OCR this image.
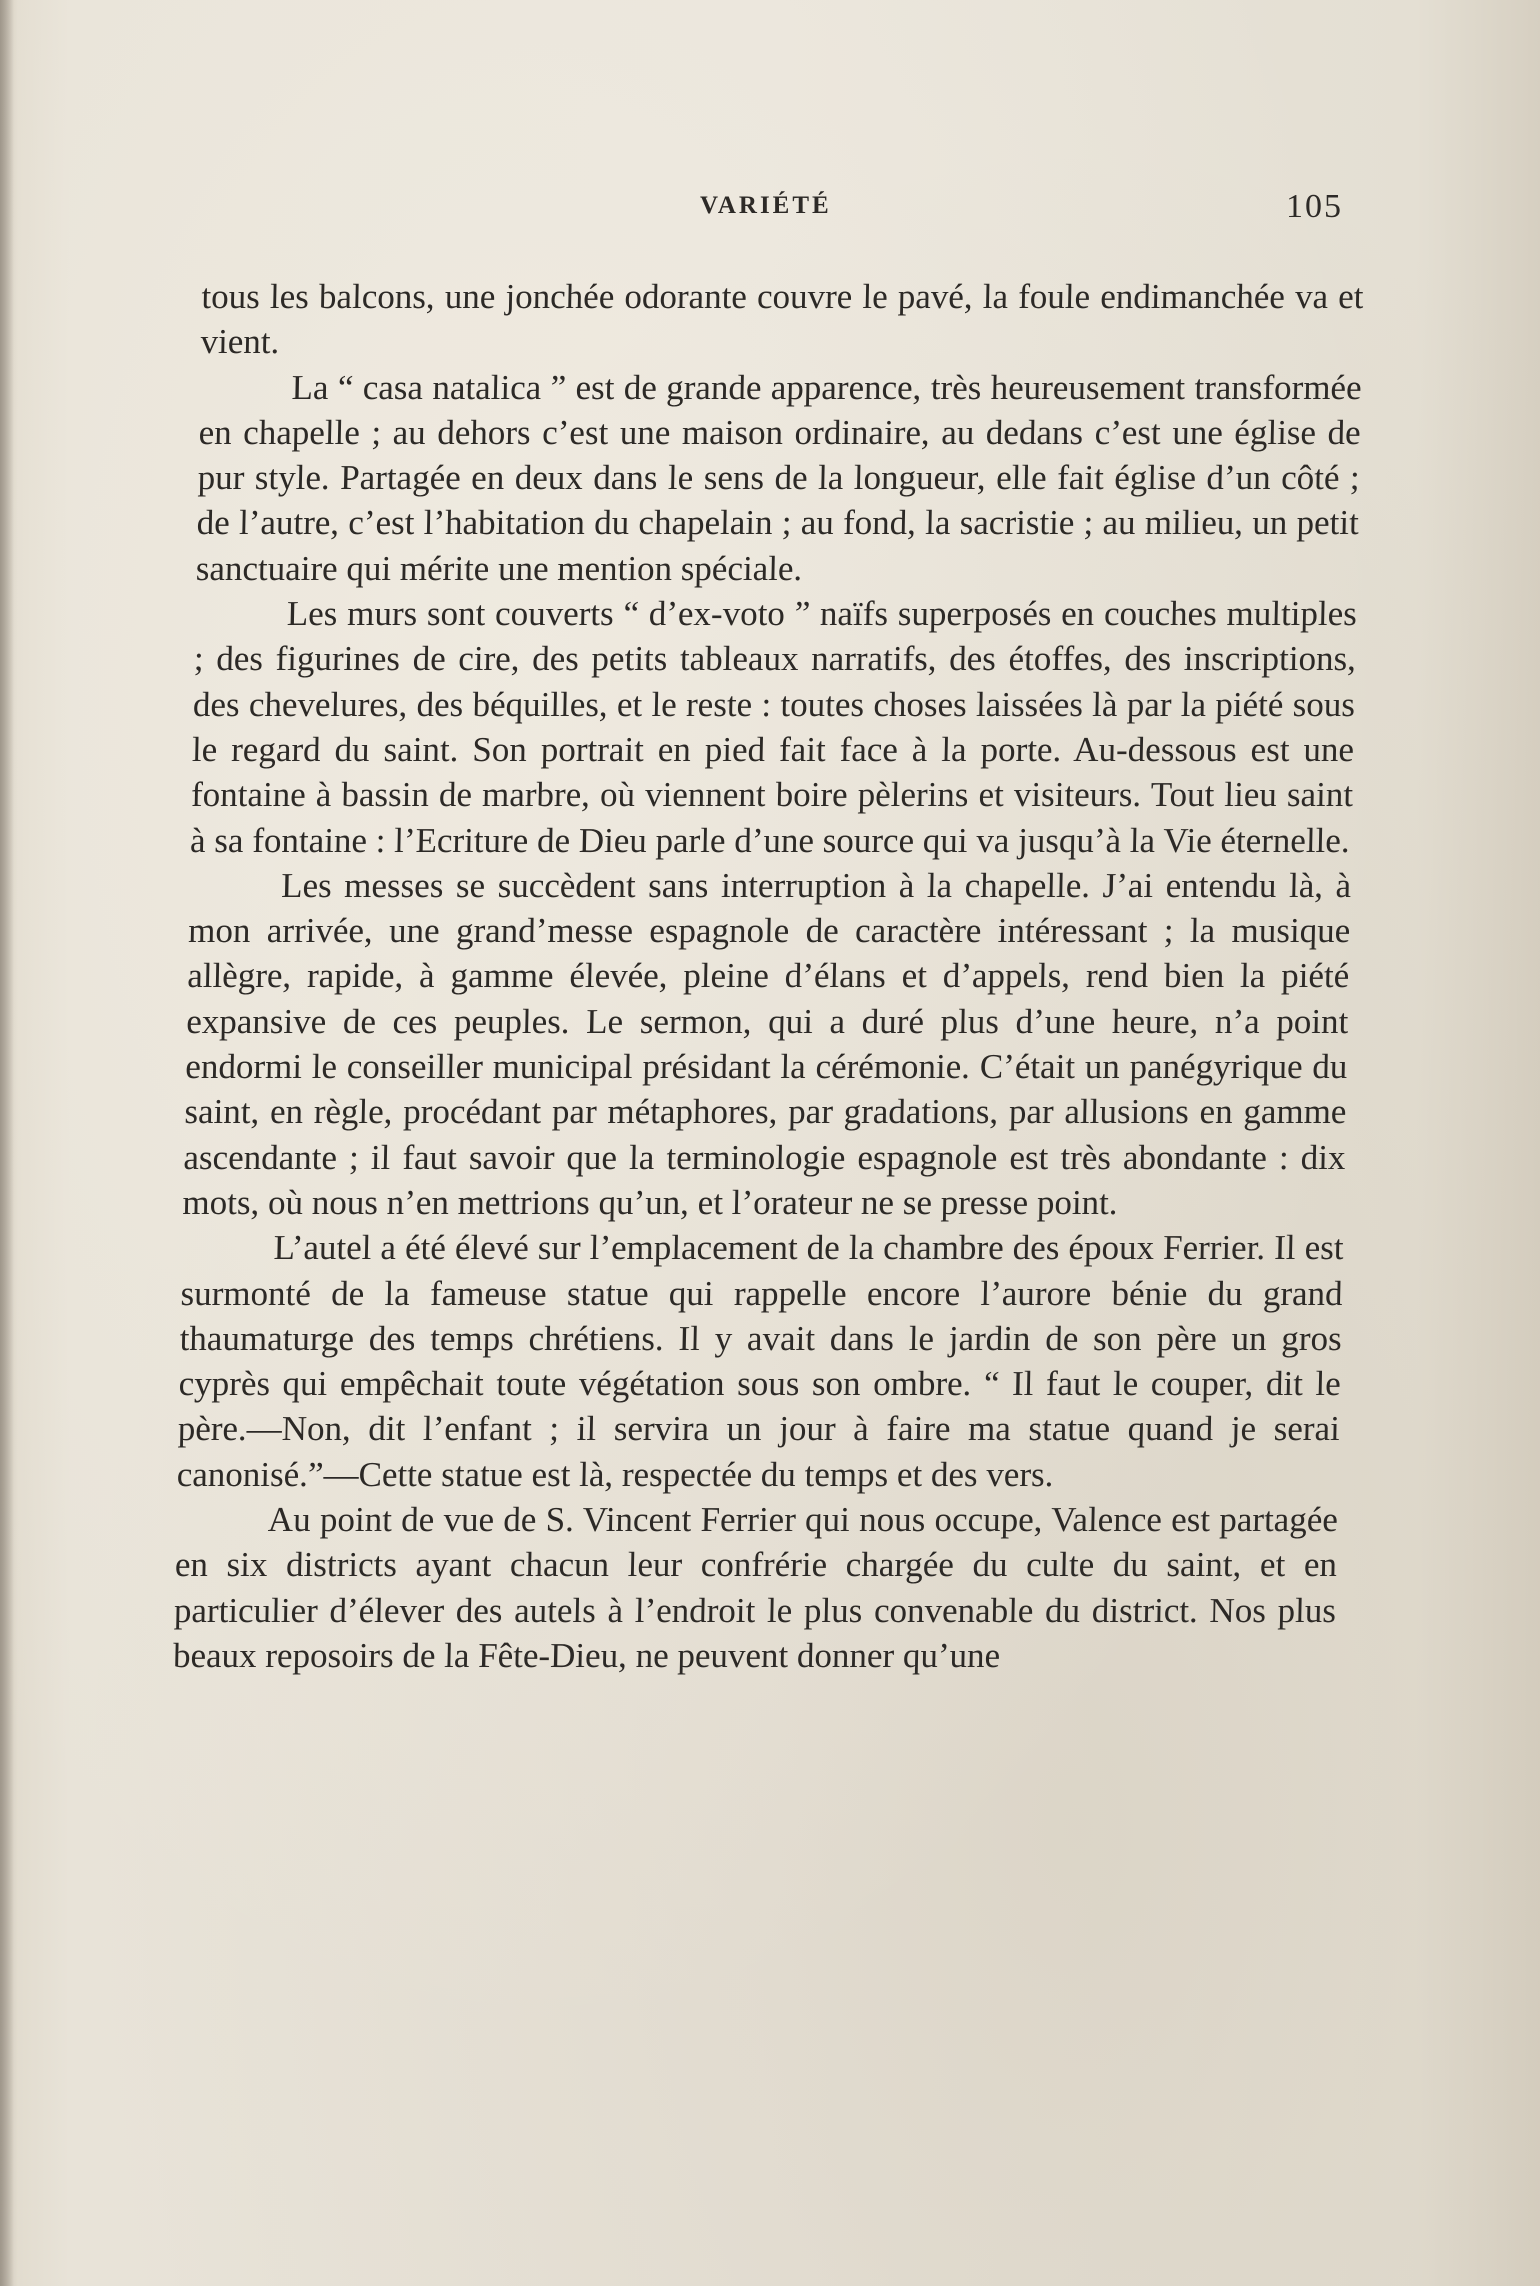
VARIÉTÉ	105

tous les balcons, une jonchée odorante couvre le pavé, la foule endimanchée va et vient.

La “ casa natalica ” est de grande apparence, très heureusement transformée en chapelle ; au dehors c’est une maison ordinaire, au dedans c’est une église de pur style. Partagée en deux dans le sens de la longueur, elle fait église d’un côté ; de l’autre, c’est l’habitation du chapelain ; au fond, la sacristie ; au milieu, un petit sanctuaire qui mérite une mention spéciale.

Les murs sont couverts “ d’ex-voto ” naïfs superposés en couches multiples ; des figurines de cire, des petits tableaux narratifs, des étoffes, des inscriptions, des chevelures, des béquilles, et le reste : toutes choses laissées là par la piété sous le regard du saint. Son portrait en pied fait face à la porte. Au-dessous est une fontaine à bassin de marbre, où viennent boire pèlerins et visiteurs. Tout lieu saint à sa fontaine : l’Ecriture de Dieu parle d’une source qui va jusqu’à la Vie éternelle.

Les messes se succèdent sans interruption à la chapelle. J’ai entendu là, à mon arrivée, une grand’messe espagnole de caractère intéressant ; la musique allègre, rapide, à gamme élevée, pleine d’élans et d’appels, rend bien la piété expansive de ces peuples. Le sermon, qui a duré plus d’une heure, n’a point endormi le conseiller municipal présidant la cérémonie. C’était un panégyrique du saint, en règle, procédant par métaphores, par gradations, par allusions en gamme ascendante ; il faut savoir que la terminologie espagnole est très abondante : dix mots, où nous n’en mettrions qu’un, et l’orateur ne se presse point.

L’autel a été élevé sur l’emplacement de la chambre des époux Ferrier. Il est surmonté de la fameuse statue qui rappelle encore l’aurore bénie du grand thaumaturge des temps chrétiens. Il y avait dans le jardin de son père un gros cyprès qui empêchait toute végétation sous son ombre. “ Il faut le couper, dit le père.—Non, dit l’enfant ; il servira un jour à faire ma statue quand je serai canonisé.”—Cette statue est là, respectée du temps et des vers.

Au point de vue de S. Vincent Ferrier qui nous occupe, Valence est partagée en six districts ayant chacun leur confrérie chargée du culte du saint, et en particulier d’élever des autels à l’endroit le plus convenable du district. Nos plus beaux reposoirs de la Fête-Dieu, ne peuvent donner qu’une
